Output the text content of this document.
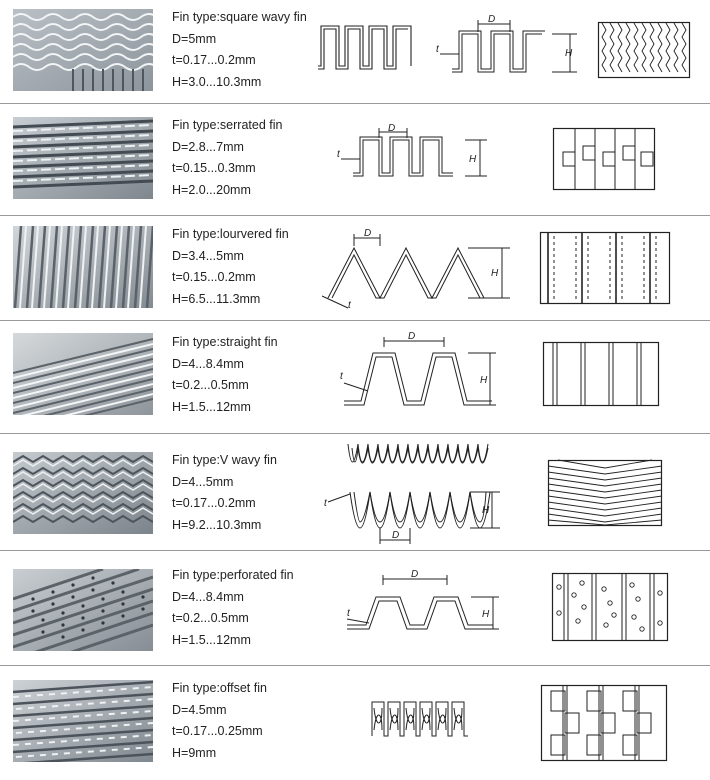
Fin type:square wavy fin
D=5mm
t=0.17...0.2mm
H=3.0...10.3mm
D
H
t
Fin type:serrated fin
D=2.8...7mm
t=0.15...0.3mm
H=2.0...20mm
D
H
t
Fin type:lourvered fin
D=3.4...5mm
t=0.15...0.2mm
H=6.5...11.3mm
D
H
t
Fin type:straight fin
D=4...8.4mm
t=0.2...0.5mm
H=1.5...12mm
D
H
t
Fin type:V wavy fin
D=4...5mm
t=0.17...0.2mm
H=9.2...10.3mm
H
D
t
Fin type:perforated fin
D=4...8.4mm
t=0.2...0.5mm
H=1.5...12mm
D
H
t
Fin type:offset fin
D=4.5mm
t=0.17...0.25mm
H=9mm
